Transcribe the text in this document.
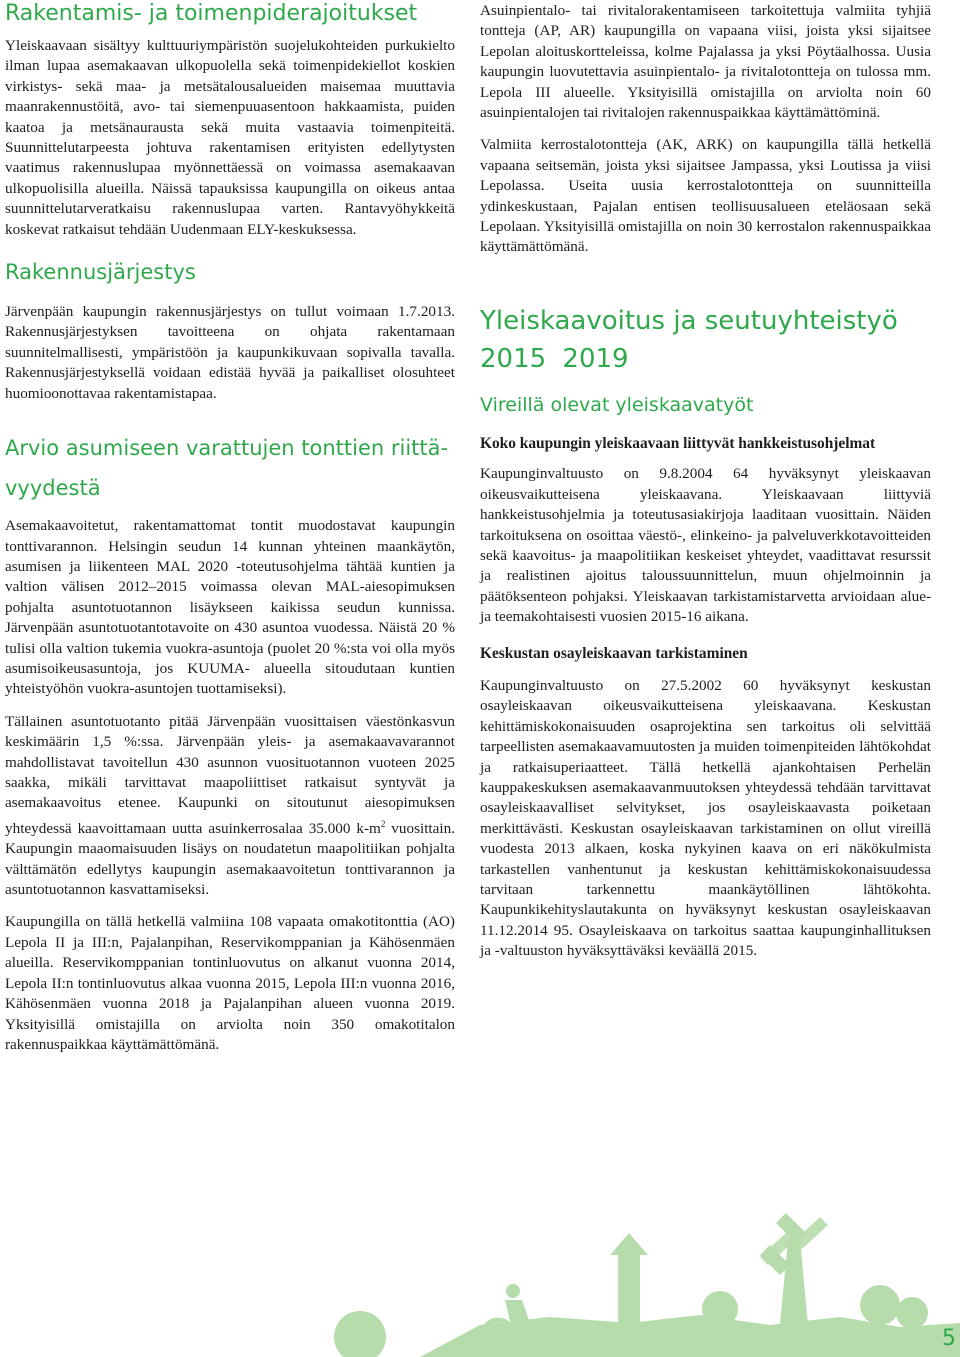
Rakentamis- ja toimenpiderajoitukset

Yleiskaavaan sisältyy kulttuuriympäristön suojelukohteiden purkukielto ilman lupaa asemakaavan ulkopuolella sekä toimenpidekiellot koskien virkistys- sekä maa- ja metsätalousalueiden maisemaa muuttavia maanrakennustöitä, avo- tai siemenpuuasentoon hakkaamista, puiden kaatoa ja metsänaurausta sekä muita vastaavia toimenpiteitä. Suunnittelutarpeesta johtuva rakentamisen erityisten edellytysten vaatimus rakennuslupaa myönnettäessä on voimassa asemakaavan ulkopuolisilla alueilla. Näissä tapauksissa kaupungilla on oikeus antaa suunnittelutarveratkaisu rakennuslupaa varten. Rantavyöhykkeitä koskevat ratkaisut tehdään Uudenmaan ELY-keskuksessa.

Rakennusjärjestys

Järvenpään kaupungin rakennusjärjestys on tullut voimaan 1.7.2013. Rakennusjärjestyksen tavoitteena on ohjata rakentamaan suunnitelmallisesti, ympäristöön ja kaupunkikuvaan sopivalla tavalla. Rakennusjärjestyksellä voidaan edistää hyvää ja paikalliset olosuhteet huomioonottavaa rakentamistapaa.

Arvio asumiseen varattujen tonttien riittä-
vyydestä

Asemakaavoitetut, rakentamattomat tontit muodostavat kaupungin tonttivarannon. Helsingin seudun 14 kunnan yhteinen maankäytön, asumisen ja liikenteen MAL 2020 -toteutusohjelma tähtää kuntien ja valtion välisen 2012–2015 voimassa olevan MAL-aiesopimuksen pohjalta asuntotuotannon lisäykseen kaikissa seudun kunnissa. Järvenpään asuntotuotantotavoite on 430 asuntoa vuodessa. Näistä 20 % tulisi olla valtion tukemia vuokra-asuntoja (puolet 20 %:sta voi olla myös asumisoikeusasuntoja, jos KUUMA- alueella sitoudutaan kuntien yhteistyöhön vuokra-asuntojen tuottamiseksi).

Tällainen asuntotuotanto pitää Järvenpään vuosittaisen väestönkasvun keskimäärin 1,5 %:ssa. Järvenpään yleis- ja asemakaavavarannot mahdollistavat tavoitellun 430 asunnon vuosituotannon vuoteen 2025 saakka, mikäli tarvittavat maapoliittiset ratkaisut syntyvät ja asemakaavoitus etenee. Kaupunki on sitoutunut aiesopimuksen yhteydessä kaavoittamaan uutta asuinkerrosalaa 35.000 $k-m^2$ vuosittain. Kaupungin maaomaisuuden lisäys on noudatetun maapolitiikan pohjalta välttämätön edellytys kaupungin asemakaavoitetun tonttivarannon ja asuntotuotannon kasvattamiseksi.

Kaupungilla on tällä hetkellä valmiina 108 vapaata omakotitonttia (AO) Lepola II ja III:n, Pajalanpihan, Reservikomppanian ja Kähösenmäen alueilla. Reservikomppanian tontinluovutus on alkanut vuonna 2014, Lepola II:n tontinluovutus alkaa vuonna 2015, Lepola III:n vuonna 2016, Kähösenmäen vuonna 2018 ja Pajalanpihan alueen vuonna 2019. Yksityisillä omistajilla on arviolta noin 350 omakotitalon rakennuspaikkaa käyttämättömänä.

Asuinpientalo- tai rivitalorakentamiseen tarkoitettuja valmiita tyhjiä tontteja (AP, AR) kaupungilla on vapaana viisi, joista yksi sijaitsee Lepolan aloituskortteleissa, kolme Pajalassa ja yksi Pöytäalhossa. Uusia kaupungin luovutettavia asuinpientalo- ja rivitalotontteja on tulossa mm. Lepola III alueelle. Yksityisillä omistajilla on arviolta noin 60 asuinpientalojen tai rivitalojen rakennuspaikkaa käyttämättöminä.

Valmiita kerrostalotontteja (AK, ARK) on kaupungilla tällä hetkellä vapaana seitsemän, joista yksi sijaitsee Jampassa, yksi Loutissa ja viisi Lepolassa. Useita uusia kerrostalotontteja on suunnitteilla ydinkeskustaan, Pajalan entisen teollisuusalueen eteläosaan sekä Lepolaan. Yksityisillä omistajilla on noin 30 kerrostalon rakennuspaikkaa käyttämättömänä.

Yleiskaavoitus ja seutuyhteistyö
2015 2019
Vireillä olevat yleiskaavatyöt

Koko kaupungin yleiskaavaan liittyvät hankkeistusohjelmat

Kaupunginvaltuusto on 9.8.2004 64 hyväksynyt yleiskaavan oikeusvaikutteisena yleiskaavana. Yleiskaavaan liittyviä hankkeistusohjelmia ja toteutusasiakirjoja laaditaan vuosittain. Näiden tarkoituksena on osoittaa väestö-, elinkeino- ja palveluverkkotavoitteiden sekä kaavoitus- ja maapolitiikan keskeiset yhteydet, vaadittavat resurssit ja realistinen ajoitus taloussuunnittelun, muun ohjelmoinnin ja päätöksenteon pohjaksi. Yleiskaavan tarkistamistarvetta arvioidaan alue- ja teemakohtaisesti vuosien 2015-16 aikana.

Keskustan osayleiskaavan tarkistaminen

Kaupunginvaltuusto on 27.5.2002 60 hyväksynyt keskustan osayleiskaavan oikeusvaikutteisena yleiskaavana. Keskustan kehittämiskokonaisuuden osaprojektina sen tarkoitus oli selvittää tarpeellisten asemakaavamuutosten ja muiden toimenpiteiden lähtökohdat ja ratkaisuperiaatteet. Tällä hetkellä ajankohtaisen Perhelän kauppakeskuksen asemakaavanmuutoksen yhteydessä tehdään tarvittavat osayleiskaavalliset selvitykset, jos osayleiskaavasta poiketaan merkittävästi. Keskustan osayleiskaavan tarkistaminen on ollut vireillä vuodesta 2013 alkaen, koska nykyinen kaava on eri näkökulmista tarkastellen vanhentunut ja keskustan kehittämiskokonaisuudessa tarvitaan tarkennettu maankäytöllinen lähtökohta. Kaupunkikehityslautakunta on hyväksynyt keskustan osayleiskaavan 11.12.2014 95. Osayleiskaava on tarkoitus saattaa kaupunginhallituksen ja -valtuuston hyväksyttäväksi keväällä 2015.

5
